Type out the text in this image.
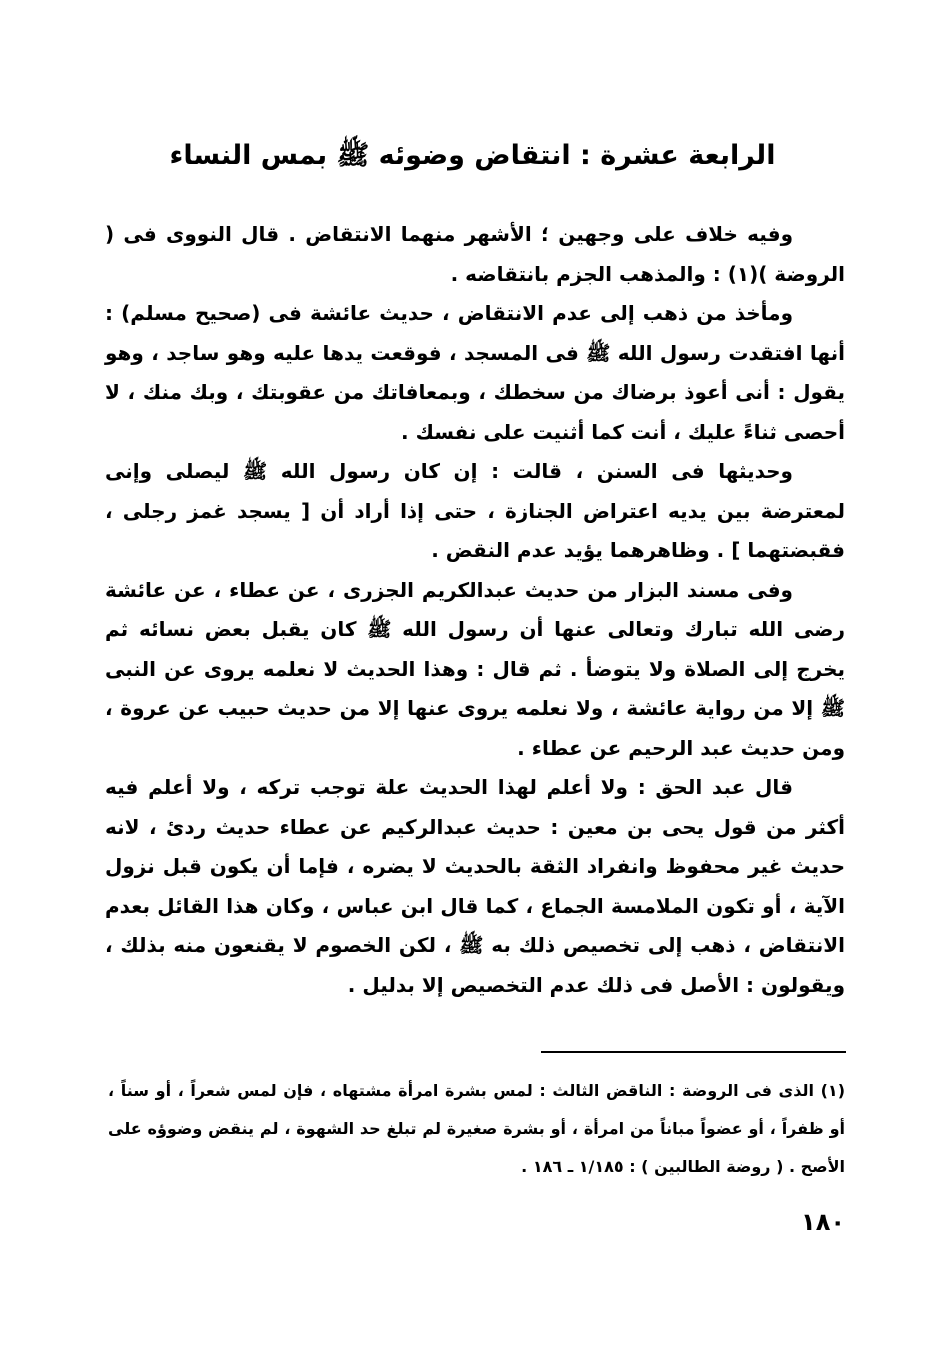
الرابعة عشرة : انتقاض وضوئه ﷺ بمس النساء

وفيه خلاف على وجهين ؛ الأشهر منهما الانتقاض . قال النووى فى ( الروضة )(١) : والمذهب الجزم بانتقاضه .

ومأخذ من ذهب إلى عدم الانتقاض ، حديث عائشة فى (صحيح مسلم) : أنها افتقدت رسول الله ﷺ فى المسجد ، فوقعت يدها عليه وهو ساجد ، وهو يقول : أنى أعوذ برضاك من سخطك ، وبمعافاتك من عقوبتك ، وبك منك ، لا أحصى ثناءً عليك ، أنت كما أثنيت على نفسك .

وحديثها فى السنن ، قالت : إن كان رسول الله ﷺ ليصلى وإنى لمعترضة بين يديه اعتراض الجنازة ، حتى إذا أراد أن [ يسجد غمز رجلى ، فقبضتهما ] . وظاهرهما يؤيد عدم النقض .

وفى مسند البزار من حديث عبدالكريم الجزرى ، عن عطاء ، عن عائشة رضى الله تبارك وتعالى عنها أن رسول الله ﷺ كان يقبل بعض نسائه ثم يخرج إلى الصلاة ولا يتوضأ . ثم قال : وهذا الحديث لا نعلمه يروى عن النبى ﷺ إلا من رواية عائشة ، ولا نعلمه يروى عنها إلا من حديث حبيب عن عروة ، ومن حديث عبد الرحيم عن عطاء .

قال عبد الحق : ولا أعلم لهذا الحديث علة توجب تركه ، ولا أعلم فيه أكثر من قول يحى بن معين : حديث عبدالركيم عن عطاء حديث ردئ ، لانه حديث غير محفوظ وانفراد الثقة بالحديث لا يضره ، فإما أن يكون قبل نزول الآية ، أو تكون الملامسة الجماع ، كما قال ابن عباس ، وكان هذا القائل بعدم الانتقاض ، ذهب إلى تخصيص ذلك به ﷺ ، لكن الخصوم لا يقنعون منه بذلك ، ويقولون : الأصل فى ذلك عدم التخصيص إلا بدليل .

(١) الذى فى الروضة : الناقض الثالث : لمس بشرة امرأة مشتهاه ، فإن لمس شعراً ، أو سناً ، أو ظفراً ، أو عضواً مباناً من امرأة ، أو بشرة صغيرة لم تبلغ حد الشهوة ، لم ينقض وضوؤه على الأصح . ( روضة الطالبين ) : ١/١٨٥ ـ ١٨٦ .

١٨٠
